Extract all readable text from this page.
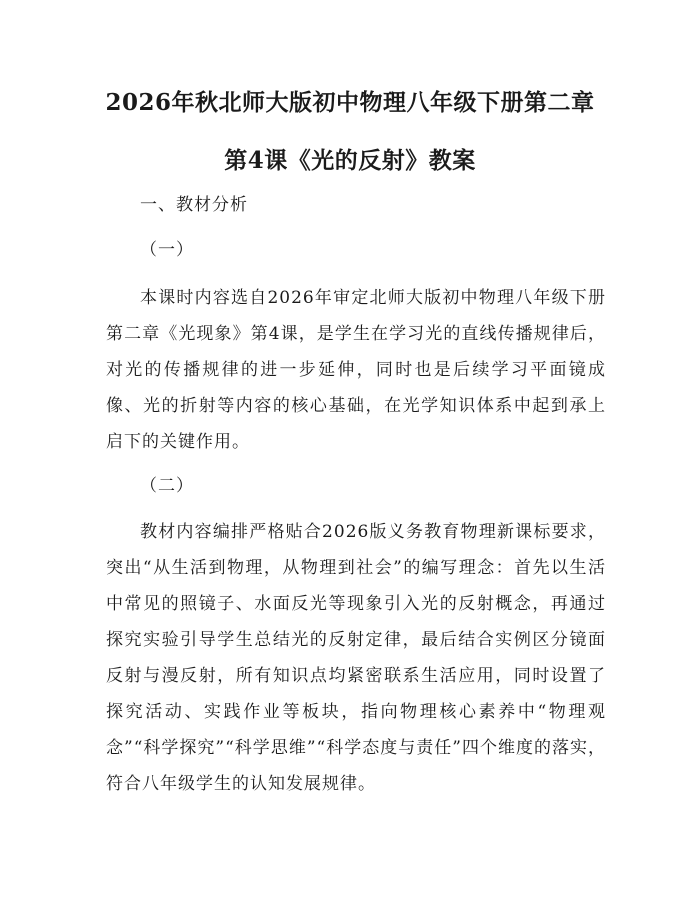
2026年秋北师大版初中物理八年级下册第二章第4课《光的反射》教案

一、教材分析

（一）

本课时内容选自2026年审定北师大版初中物理八年级下册第二章《光现象》第4课，是学生在学习光的直线传播规律后，对光的传播规律的进一步延伸，同时也是后续学习平面镜成像、光的折射等内容的核心基础，在光学知识体系中起到承上启下的关键作用。

（二）

教材内容编排严格贴合2026版义务教育物理新课标要求，突出“从生活到物理，从物理到社会”的编写理念：首先以生活中常见的照镜子、水面反光等现象引入光的反射概念，再通过探究实验引导学生总结光的反射定律，最后结合实例区分镜面反射与漫反射，所有知识点均紧密联系生活应用，同时设置了探究活动、实践作业等板块，指向物理核心素养中“物理观念”“科学探究”“科学思维”“科学态度与责任”四个维度的落实，符合八年级学生的认知发展规律。
